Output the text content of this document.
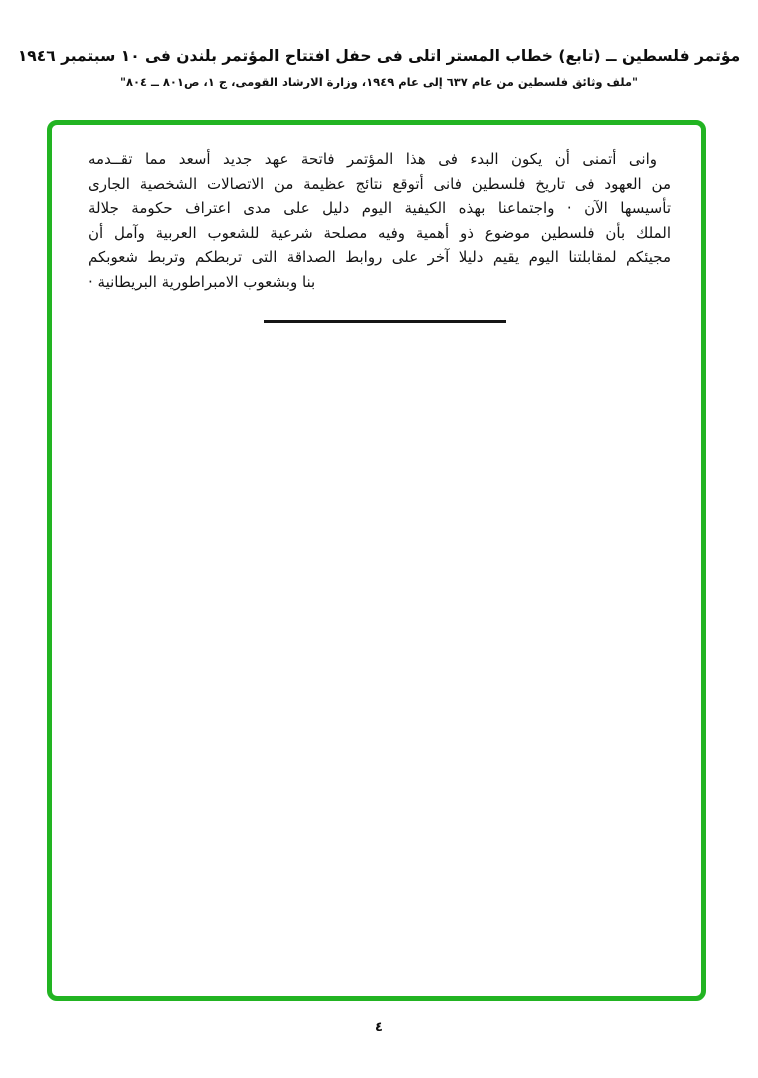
مؤتمر فلسطين ــ (تابع) خطاب المستر اتلى فى حفل افتتاح المؤتمر بلندن فى ١٠ سبتمبر ١٩٤٦
"ملف وثائق فلسطين من عام ٦٣٧ إلى عام ١٩٤٩، وزارة الارشاد القومى، ج ١، ص٨٠١ ــ ٨٠٤"
وانى أتمنى أن يكون البدء فى هذا المؤتمر فاتحة عهد جديد أسعد مما تقــدمه
من العهود فى تاريخ فلسطين فانى أتوقع نتائج عظيمة من الاتصالات الشخصية الجارى
تأسيسها الآن · واجتماعنا بهذه الكيفية اليوم دليل على مدى اعتراف حكومة جلالة
الملك بأن فلسطين موضوع ذو أهمية وفيه مصلحة شرعية للشعوب العربية وآمل أن
مجيئكم لمقابلتنا اليوم يقيم دليلا آخر على روابط الصداقة التى تربطكم وتربط شعوبكم
بنا وبشعوب الامبراطورية البريطانية ·
٤
